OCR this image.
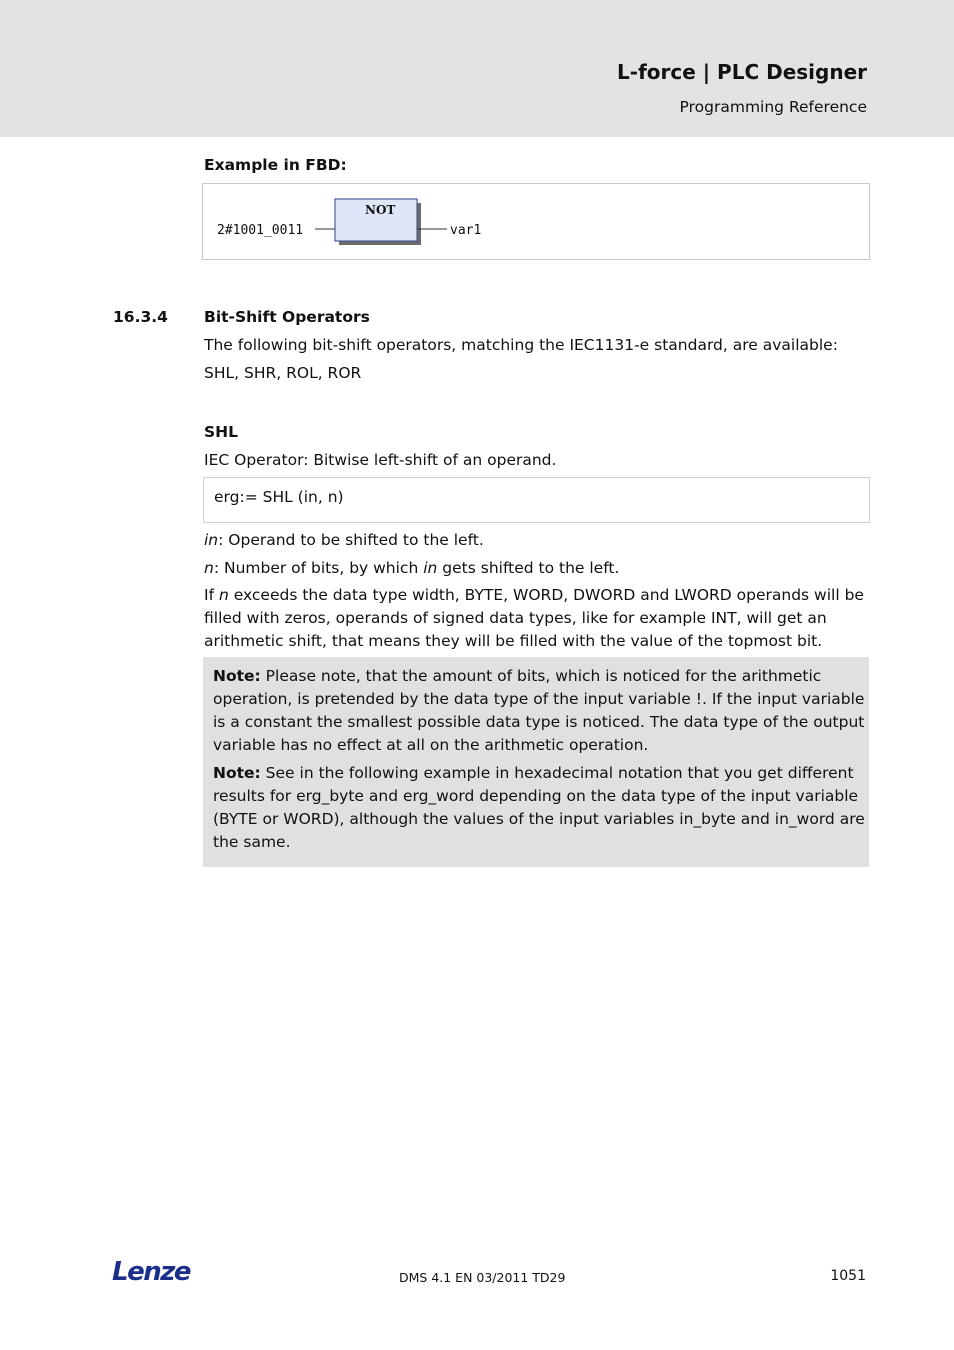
L-force | PLC Designer
Programming Reference
Example in FBD:
2#1001_0011
NOT
var1
16.3.4 Bit-Shift Operators
The following bit-shift operators, matching the IEC1131-e standard, are available:
SHL, SHR, ROL, ROR
SHL
IEC Operator: Bitwise left-shift of an operand.
erg:= SHL (in, n)
in: Operand to be shifted to the left.
n: Number of bits, by which in gets shifted to the left.
If n exceeds the data type width, BYTE, WORD, DWORD and LWORD operands will be
filled with zeros, operands of signed data types, like for example INT, will get an
arithmetic shift, that means they will be filled with the value of the topmost bit.
Note: Please note, that the amount of bits, which is noticed for the arithmetic
operation, is pretended by the data type of the input variable !. If the input variable
is a constant the smallest possible data type is noticed. The data type of the output
variable has no effect at all on the arithmetic operation.
Note: See in the following example in hexadecimal notation that you get different
results for erg_byte and erg_word depending on the data type of the input variable
(BYTE or WORD), although the values of the input variables in_byte and in_word are
the same.
Lenze	DMS 4.1 EN 03/2011 TD29	1051
